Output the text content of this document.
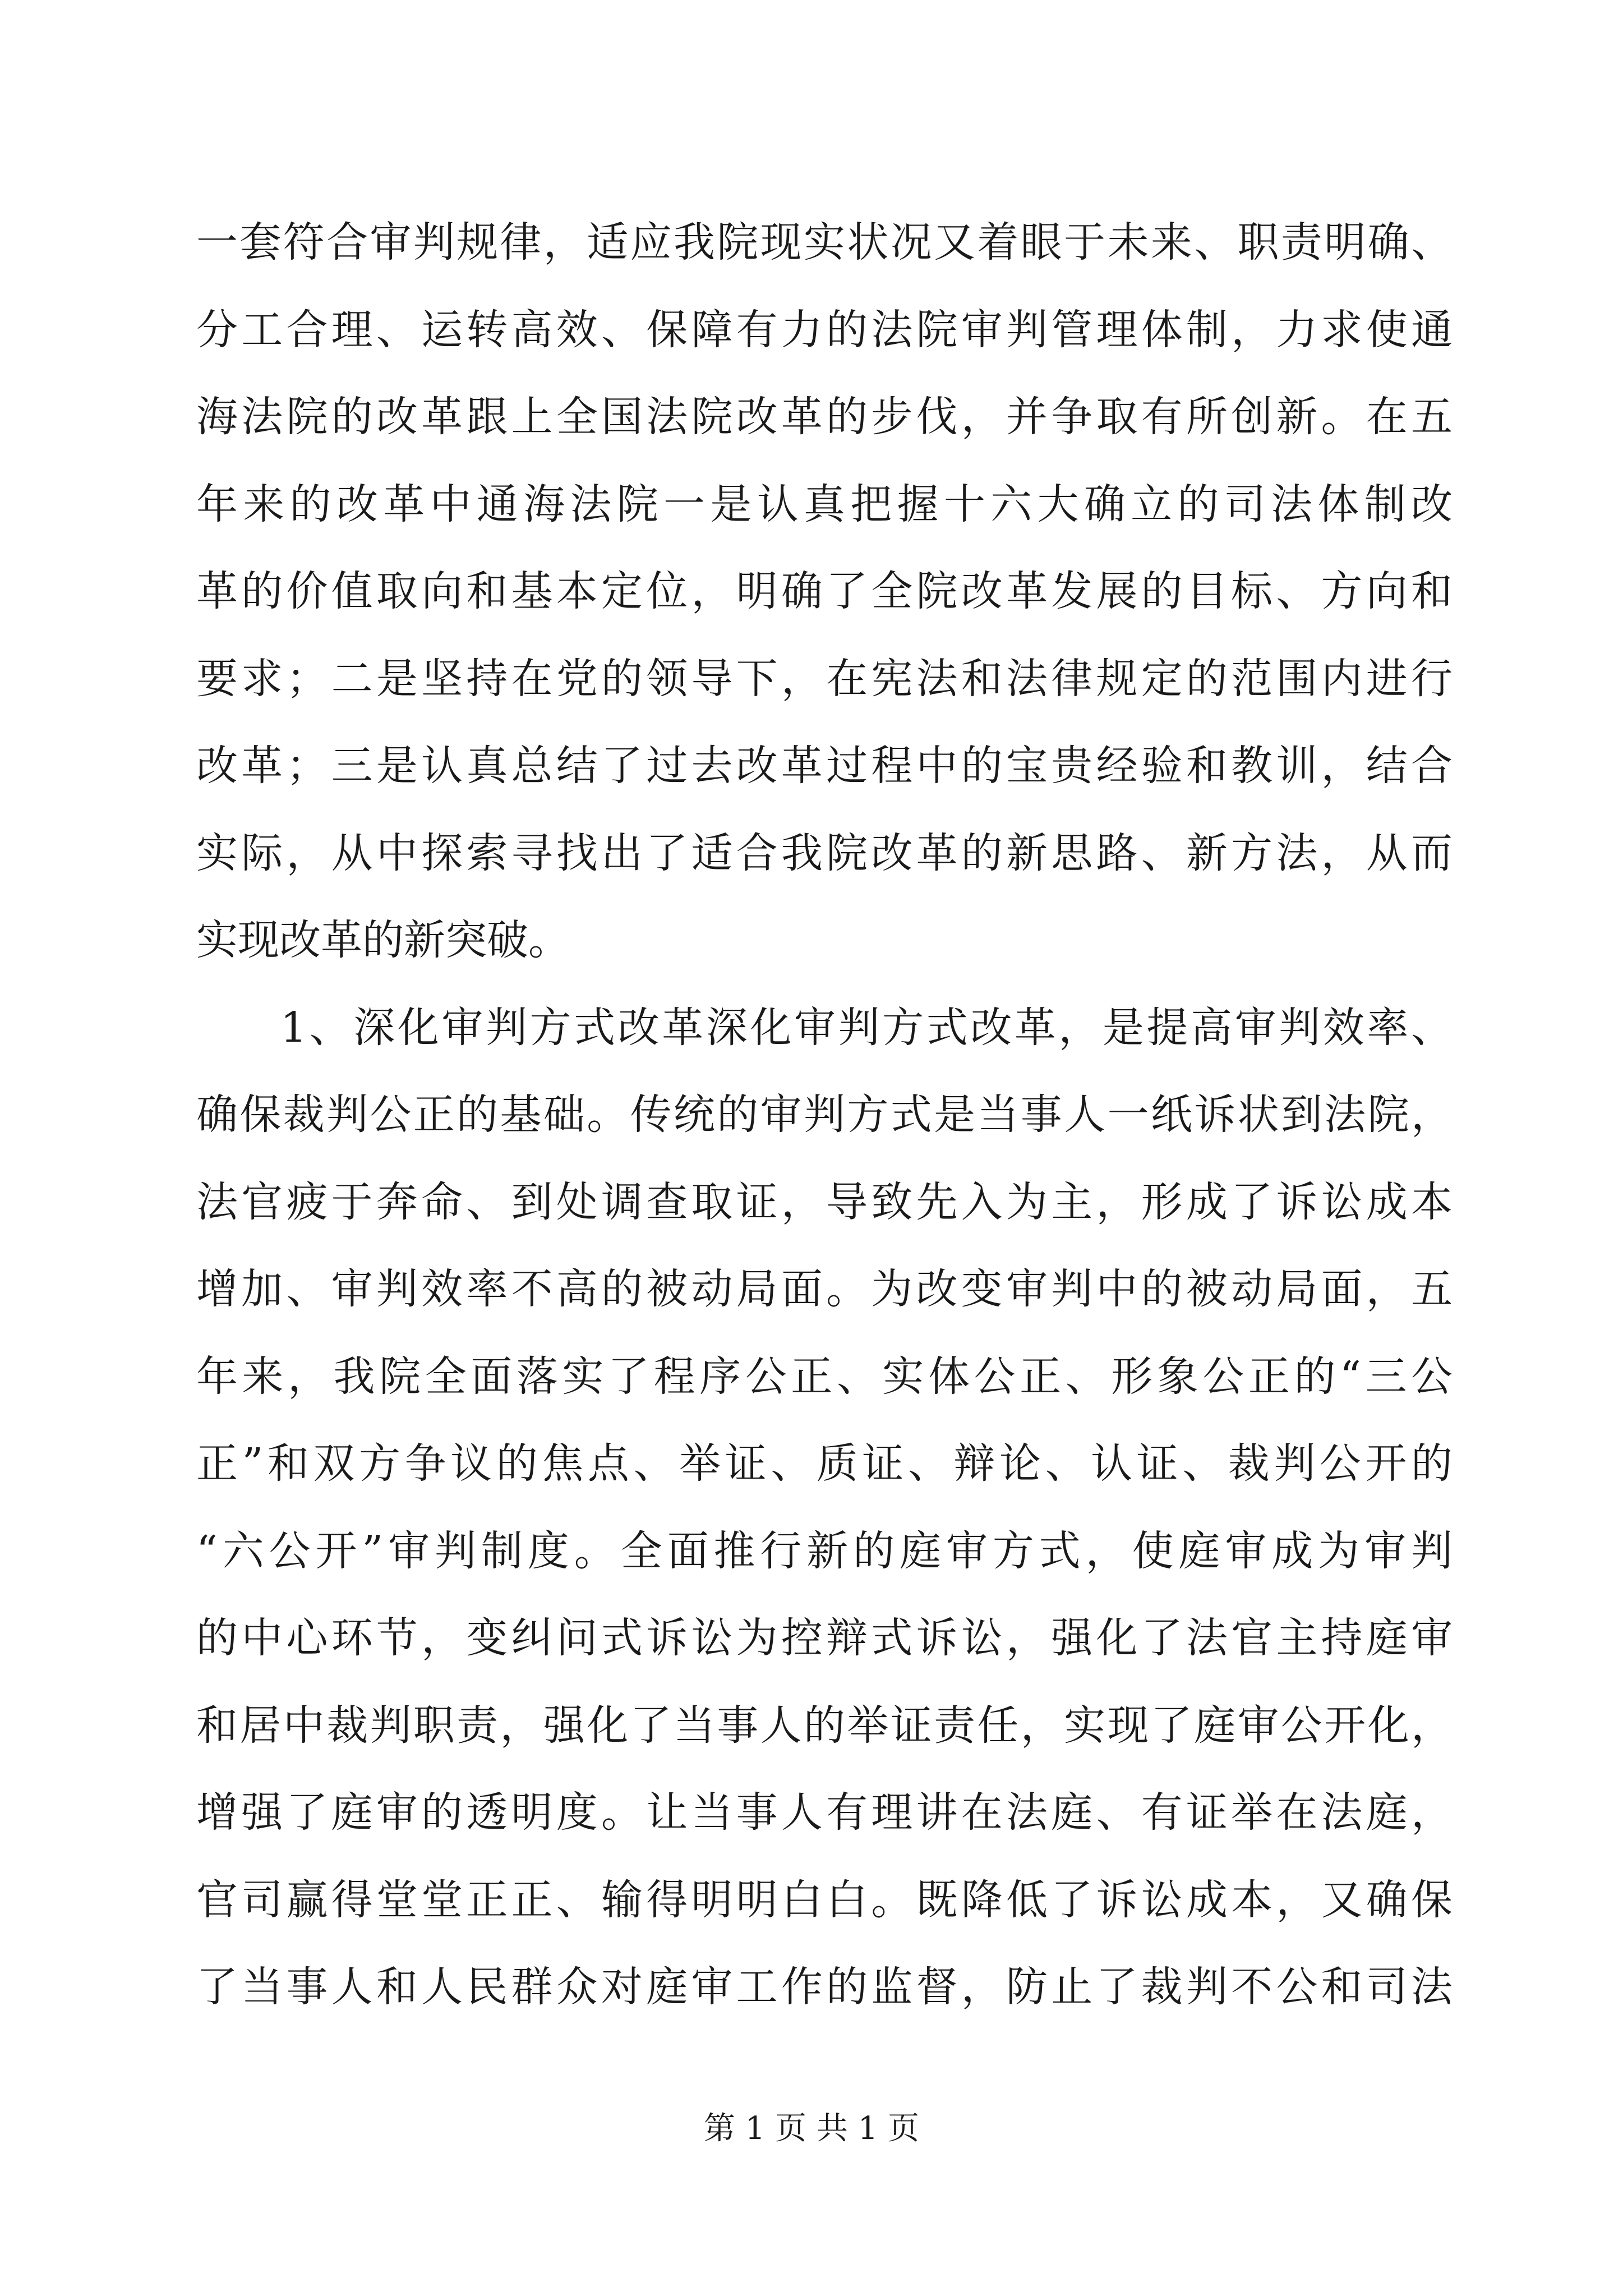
一套符合审判规律，适应我院现实状况又着眼于未来、职责明确、
分工合理、运转高效、保障有力的法院审判管理体制，力求使通
海法院的改革跟上全国法院改革的步伐，并争取有所创新。在五
年来的改革中通海法院一是认真把握十六大确立的司法体制改
革的价值取向和基本定位，明确了全院改革发展的目标、方向和
要求；二是坚持在党的领导下，在宪法和法律规定的范围内进行
改革；三是认真总结了过去改革过程中的宝贵经验和教训，结合
实际，从中探索寻找出了适合我院改革的新思路、新方法，从而
实现改革的新突破。
1、深化审判方式改革深化审判方式改革，是提高审判效率、
确保裁判公正的基础。传统的审判方式是当事人一纸诉状到法院，
法官疲于奔命、到处调查取证，导致先入为主，形成了诉讼成本
增加、审判效率不高的被动局面。为改变审判中的被动局面，五
年来，我院全面落实了程序公正、实体公正、形象公正的“三公
正”和双方争议的焦点、举证、质证、辩论、认证、裁判公开的
“六公开”审判制度。全面推行新的庭审方式，使庭审成为审判
的中心环节，变纠问式诉讼为控辩式诉讼，强化了法官主持庭审
和居中裁判职责，强化了当事人的举证责任，实现了庭审公开化，
增强了庭审的透明度。让当事人有理讲在法庭、有证举在法庭，
官司赢得堂堂正正、输得明明白白。既降低了诉讼成本，又确保
了当事人和人民群众对庭审工作的监督，防止了裁判不公和司法
第 1 页 共 1 页
